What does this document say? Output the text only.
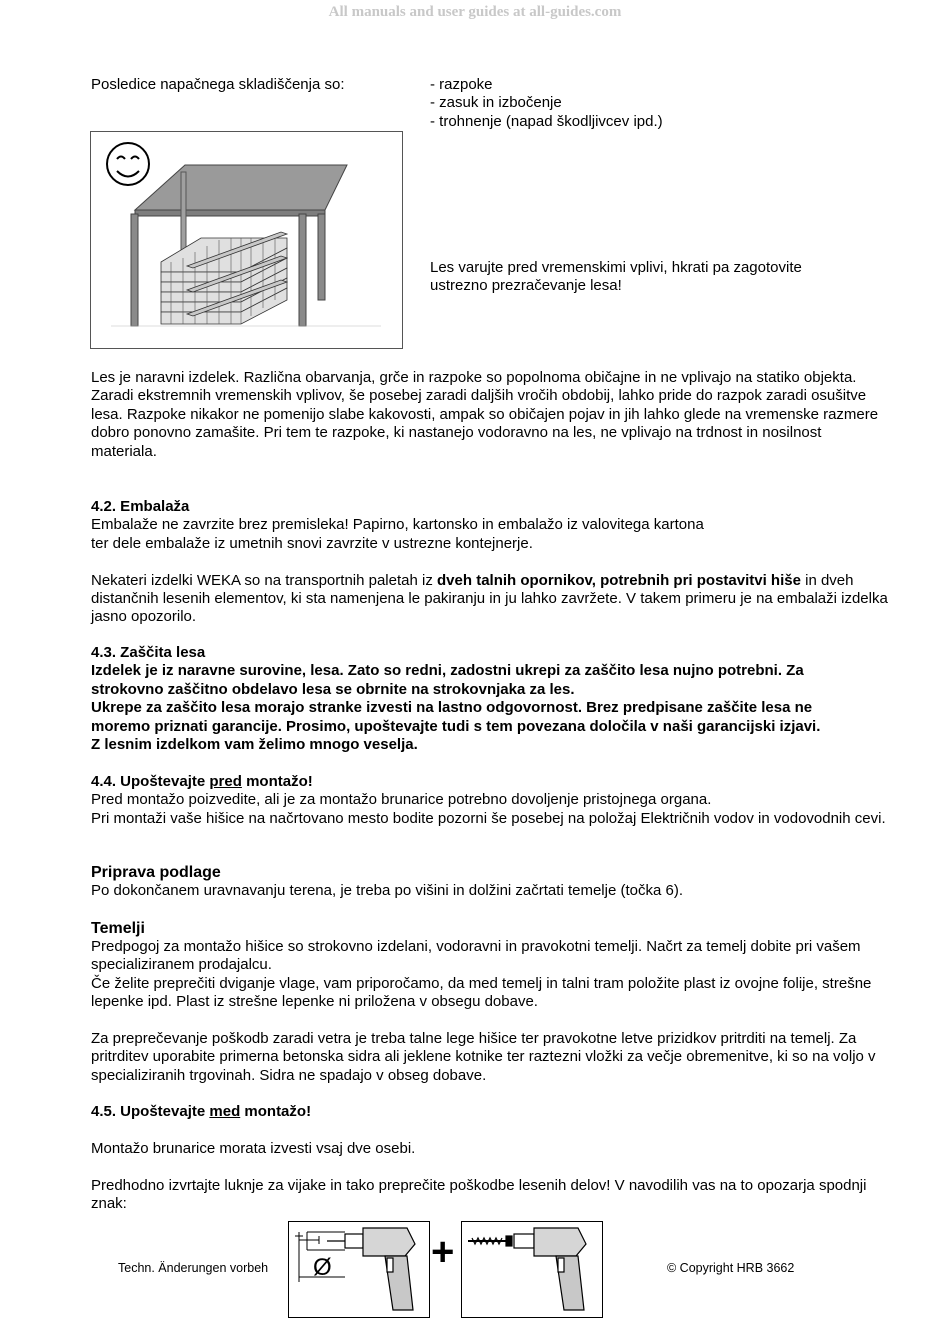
All manuals and user guides at all-guides.com
Posledice napačnega skladiščenja so:	- razpoke

- zasuk in izbočenje

- trohnenje (napad škodljivcev ipd.)

Les varujte pred vremenskimi vplivi, hkrati pa zagotovite

ustrezno prezračevanje lesa!

Les je naravni izdelek. Različna obarvanja, grče in razpoke so popolnoma običajne in ne vplivajo na statiko objekta.

Zaradi ekstremnih vremenskih vplivov, še posebej zaradi daljših vročih obdobij, lahko pride do razpok zaradi osušitve lesa. Razpoke nikakor ne pomenijo slabe kakovosti, ampak so običajen pojav in jih lahko glede na vremenske razmere dobro ponovno zamašite. Pri tem te razpoke, ki nastanejo vodoravno na les, ne vplivajo na trdnost in nosilnost materiala.

4.2. Embalaža

Embalaže ne zavrzite brez premisleka! Papirno, kartonsko in embalažo iz valovitega kartona

ter dele embalaže iz umetnih snovi zavrzite v ustrezne kontejnerje.

Nekateri izdelki WEKA so na transportnih paletah iz dveh talnih opornikov, potrebnih pri postavitvi hiše in dveh distančnih lesenih elementov, ki sta namenjena le pakiranju in ju lahko zavržete. V takem primeru je na embalaži izdelka jasno opozorilo.

4.3. Zaščita lesa

Izdelek je iz naravne surovine, lesa. Zato so redni, zadostni ukrepi za zaščito lesa nujno potrebni. Za

strokovno zaščitno obdelavo lesa se obrnite na strokovnjaka za les.

Ukrepe za zaščito lesa morajo stranke izvesti na lastno odgovornost. Brez predpisane zaščite lesa ne

moremo priznati garancije. Prosimo, upoštevajte tudi s tem povezana določila v naši garancijski izjavi.

Z lesnim izdelkom vam želimo mnogo veselja.

4.4. Upoštevajte pred montažo!

Pred montažo poizvedite, ali je za montažo brunarice potrebno dovoljenje pristojnega organa.

Pri montaži vaše hišice na načrtovano mesto bodite pozorni še posebej na položaj Električnih vodov in vodovodnih cevi.

Priprava podlage

Po dokončanem uravnavanju terena, je treba po višini in dolžini začrtati temelje (točka 6).

Temelji

Predpogoj za montažo hišice so strokovno izdelani, vodoravni in pravokotni temelji. Načrt za temelj dobite pri vašem specializiranem prodajalcu.

Če želite preprečiti dviganje vlage, vam priporočamo, da med temelj in talni tram položite plast iz ovojne folije, strešne lepenke ipd. Plast iz strešne lepenke ni priložena v obsegu dobave.

Za preprečevanje poškodb zaradi vetra je treba talne lege hišice ter pravokotne letve prizidkov pritrditi na temelj. Za pritrditev uporabite primerna betonska sidra ali jeklene kotnike ter raztezni vložki za večje obremenitve, ki so na voljo v specializiranih trgovinah. Sidra ne spadajo v obseg dobave.

4.5. Upoštevajte med montažo!

Montažo brunarice morata izvesti vsaj dve osebi.

Predhodno izvrtajte luknje za vijake in tako preprečite poškodbe lesenih delov! V navodilih vas na to opozarja spodnji znak:

Ø +
Techn. Änderungen vorbeh	© Copyright HRB 3662
